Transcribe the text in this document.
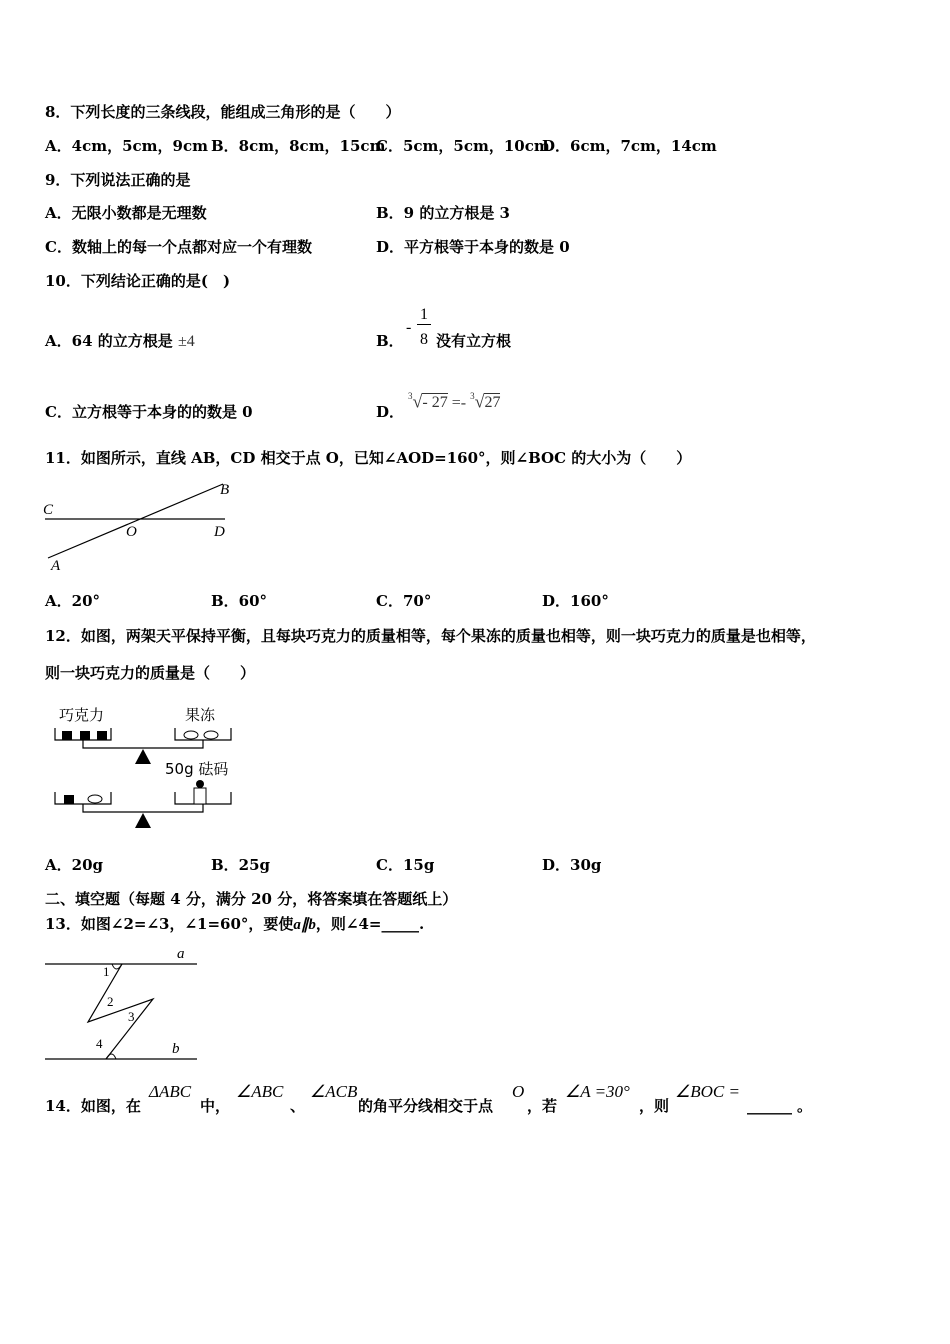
8．下列长度的三条线段，能组成三角形的是（　　）
A．4cm，5cm，9cm B．8cm，8cm，15cm
C．5cm，5cm，10cm
D．6cm，7cm，14cm
9．下列说法正确的是
A．无限小数都是无理数	B．9 的立方根是 3
C．数轴上的每一个点都对应一个有理数	D．平方根等于本身的数是 0
10．下列结论正确的是(　)
A．64 的立方根是 ±4	B．
- $\frac{1}{8}$ 没有立方根
C．立方根等于本身的的数是 0	D．
$^3$√- 27 =- $^3$√27
11．如图所示，直线 AB，CD 相交于点 O，已知∠AOD=160°，则∠BOC 的大小为（　　）
C
B
O	D
A
A．20°	B．60°	C．70°	D．160°
12．如图，两架天平保持平衡，且每块巧克力的质量相等，每个果冻的质量也相等，则一块巧克力的质量是也相等，
则一块巧克力的质量是（　　）
巧克力	果冻
50g 砝码
A．20g	B．25g	C．15g	D．30g
二、填空题（每题 4 分，满分 20 分，将答案填在答题纸上）
13．如图∠2=∠3，∠1=60°，要使a∥b，则∠4=_____.
a
b
1
2
3
4
14．如图，在
ΔABC
中，
∠ABC
、
∠ACB
的角平分线相交于点
O
，若
∠A =30°
，则
∠BOC =
______ 。
